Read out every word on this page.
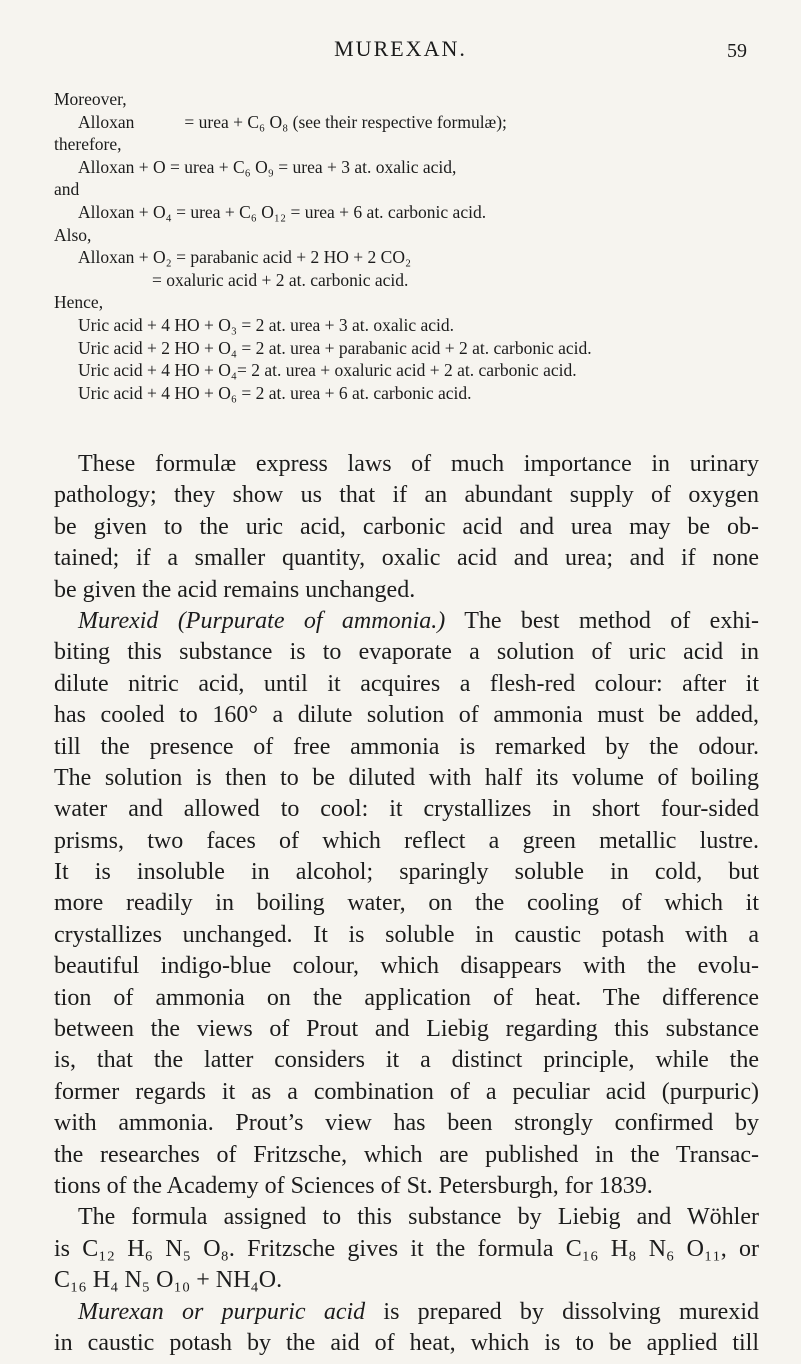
MUREXAN.	59
Moreover,
Alloxan	= urea + C₆ O₈ (see their respective formulæ);
therefore,
Alloxan + O = urea + C₆ O₉ = urea + 3 at. oxalic acid,
and
Alloxan + O₄ = urea + C₆ O₁₂ = urea + 6 at. carbonic acid.
Also,
Alloxan + O₂ = parabanic acid + 2 HO + 2 CO₂
= oxaluric acid + 2 at. carbonic acid.
Hence,
Uric acid + 4 HO + O₃ = 2 at. urea + 3 at. oxalic acid.
Uric acid + 2 HO + O₄ = 2 at. urea + parabanic acid + 2 at. carbonic acid.
Uric acid + 4 HO + O₄= 2 at. urea + oxaluric acid + 2 at. carbonic acid.
Uric acid + 4 HO + O₆ = 2 at. urea + 6 at. carbonic acid.
These formulæ express laws of much importance in urinary
pathology; they show us that if an abundant supply of oxygen
be given to the uric acid, carbonic acid and urea may be ob-
tained; if a smaller quantity, oxalic acid and urea; and if none
be given the acid remains unchanged.
Murexid (Purpurate of ammonia.) The best method of exhi-
biting this substance is to evaporate a solution of uric acid in
dilute nitric acid, until it acquires a flesh-red colour: after it
has cooled to 160° a dilute solution of ammonia must be added,
till the presence of free ammonia is remarked by the odour.
The solution is then to be diluted with half its volume of boiling
water and allowed to cool: it crystallizes in short four-sided
prisms, two faces of which reflect a green metallic lustre.
It is insoluble in alcohol; sparingly soluble in cold, but
more readily in boiling water, on the cooling of which it
crystallizes unchanged. It is soluble in caustic potash with a
beautiful indigo-blue colour, which disappears with the evolu-
tion of ammonia on the application of heat. The difference
between the views of Prout and Liebig regarding this substance
is, that the latter considers it a distinct principle, while the
former regards it as a combination of a peculiar acid (purpuric)
with ammonia. Prout’s view has been strongly confirmed by
the researches of Fritzsche, which are published in the Transac-
tions of the Academy of Sciences of St. Petersburgh, for 1839.
The formula assigned to this substance by Liebig and Wöhler
is C₁₂ H₆ N₅ O₈. Fritzsche gives it the formula C₁₆ H₈ N₆ O₁₁, or
C₁₆ H₄ N₅ O₁₀ + NH₄O.
Murexan or purpuric acid is prepared by dissolving murexid
in caustic potash by the aid of heat, which is to be applied till
